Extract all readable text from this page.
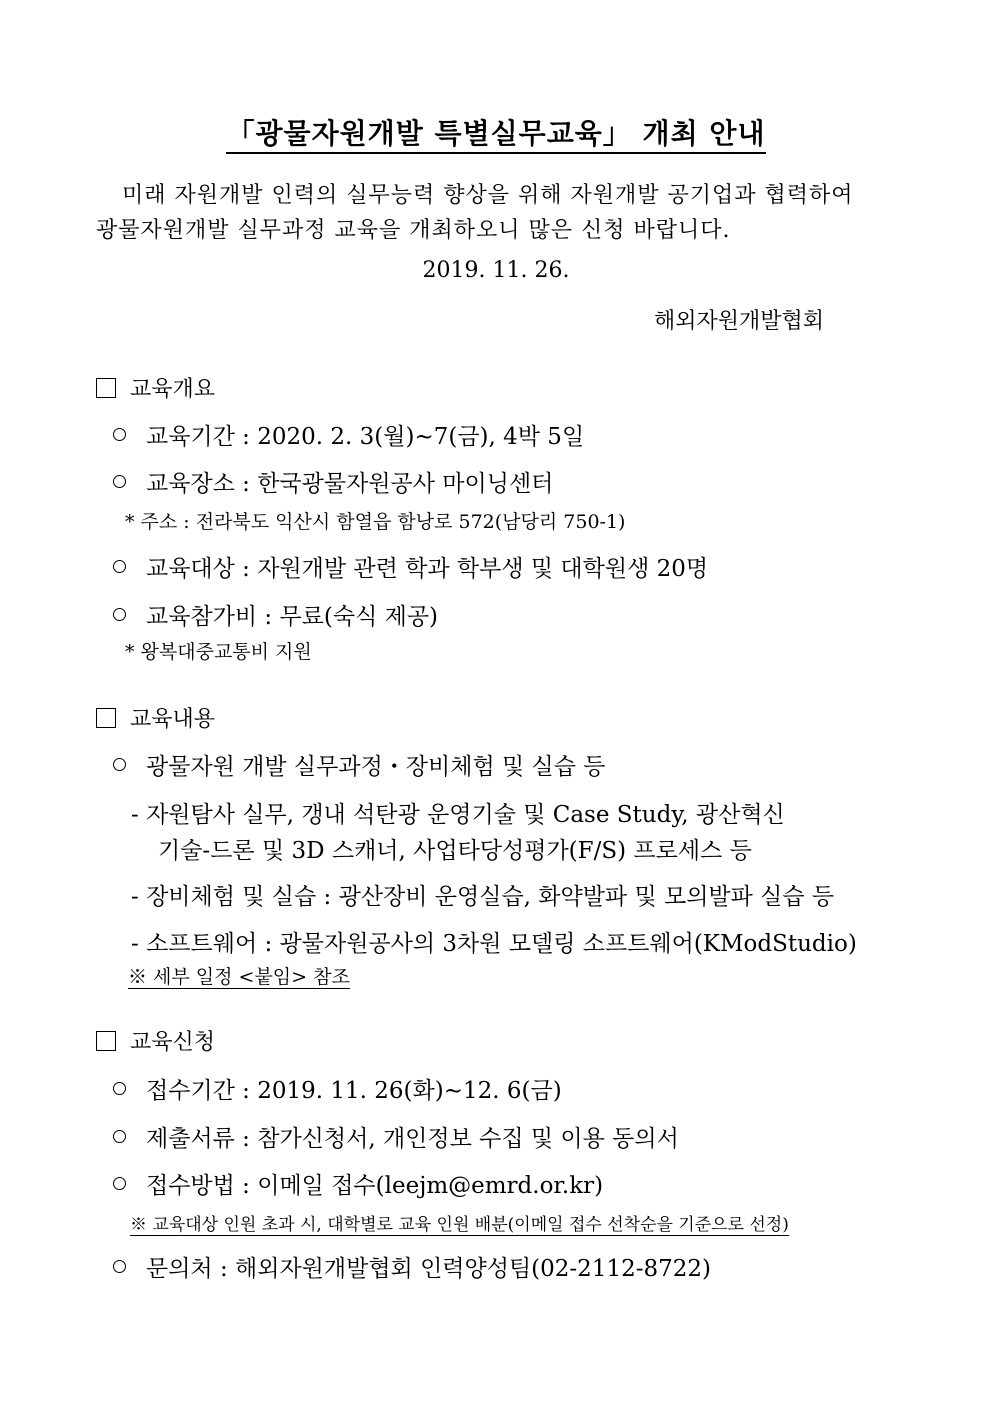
「광물자원개발 특별실무교육」 개최 안내
미래 자원개발 인력의 실무능력 향상을 위해 자원개발 공기업과 협력하여
광물자원개발 실무과정 교육을 개최하오니 많은 신청 바랍니다.
2019. 11. 26.
해외자원개발협회
교육개요
교육기간 : 2020. 2. 3(월)∼7(금), 4박 5일
교육장소 : 한국광물자원공사 마이닝센터
* 주소 : 전라북도 익산시 함열읍 함낭로 572(남당리 750-1)
교육대상 : 자원개발 관련 학과 학부생 및 대학원생 20명
교육참가비 : 무료(숙식 제공)
* 왕복대중교통비 지원
교육내용
광물자원 개발 실무과정・장비체험 및 실습 등
- 자원탐사 실무, 갱내 석탄광 운영기술 및 Case Study, 광산혁신
기술-드론 및 3D 스캐너, 사업타당성평가(F/S) 프로세스 등
- 장비체험 및 실습 : 광산장비 운영실습, 화약발파 및 모의발파 실습 등
- 소프트웨어 : 광물자원공사의 3차원 모델링 소프트웨어(KModStudio)
※ 세부 일정 <붙임> 참조
교육신청
접수기간 : 2019. 11. 26(화)∼12. 6(금)
제출서류 : 참가신청서, 개인정보 수집 및 이용 동의서
접수방법 : 이메일 접수(leejm@emrd.or.kr)
※ 교육대상 인원 초과 시, 대학별로 교육 인원 배분(이메일 접수 선착순을 기준으로 선정)
문의처 : 해외자원개발협회 인력양성팀(02-2112-8722)
